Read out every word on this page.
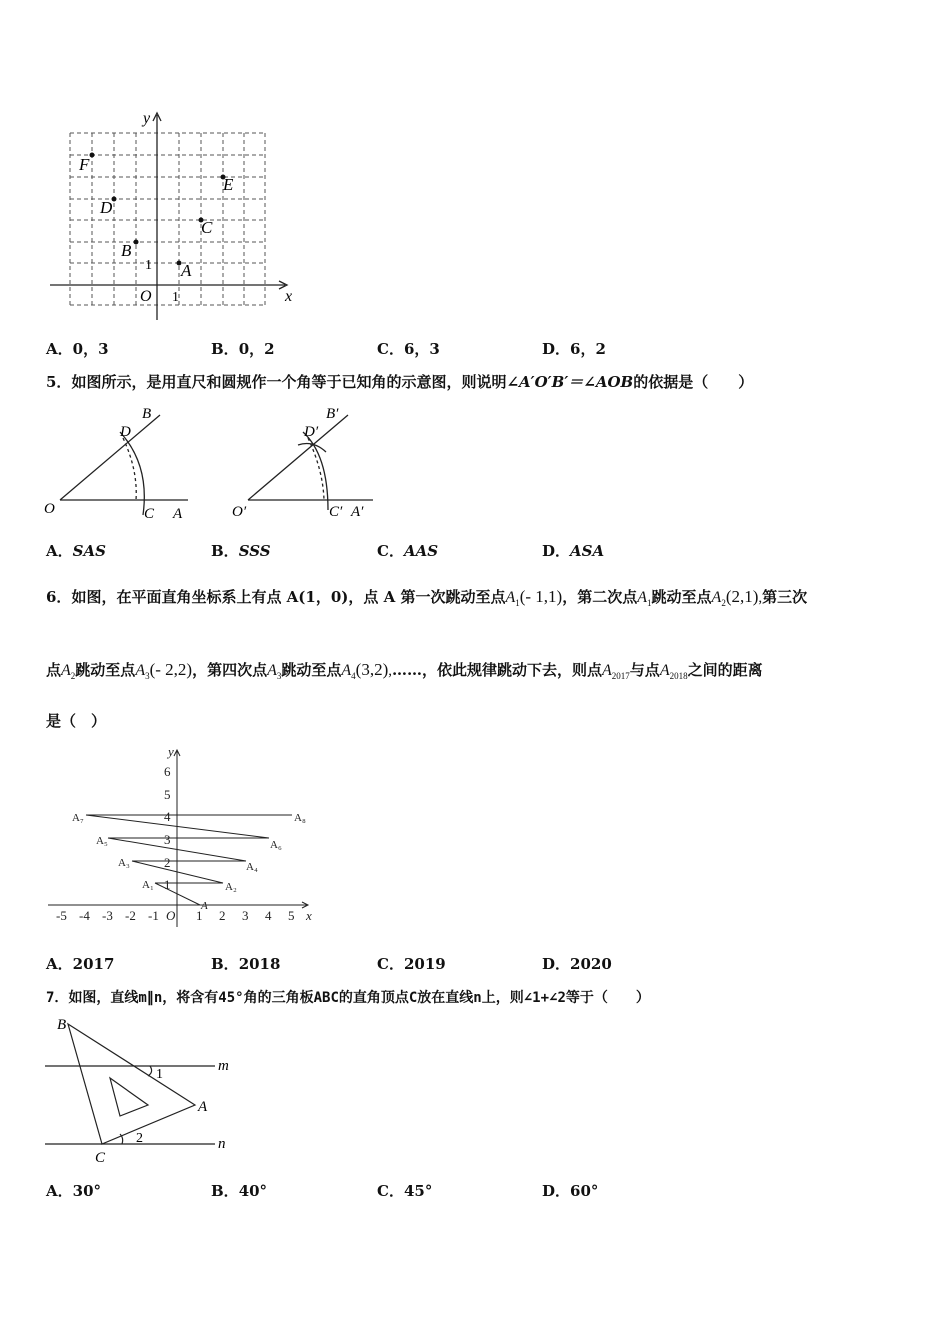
x
y
O 1
1
F
E
D
C
B
A
A．0，3	B．0，2	C．6，3	D．6，2
5．如图所示，是用直尺和圆规作一个角等于已知角的示意图，则说明∠A′O′B′＝∠AOB的依据是（　　）
O	A
B
C
D
O′	A′
B′
C′
D′
A．SAS	B．SSS	C．AAS	D．ASA
6．如图，在平面直角坐标系上有点 A(1，0)，点 A 第一次跳动至点$A_1(-$ 1,1)，第二次点$A_1$跳动至点$A_2(2,1)$,第三次
点$A_2$跳动至点$A_3(-$ 2,2)，第四次点$A_3$跳动至点$A_4(3,2),\dots\dots$，依此规律跳动下去，则点$A_{2017}$与点$A_{2018}$之间的距离
是（　）
y
6
5
4
3
2
1
-5 -4 -3 -2 -1 O 1 2 3 4 5 x
A
A₇	A₈
A₅	A₆
A₃	A₄
A₁	A₂
A．2017	B．2018	C．2019	D．2020
7．如图，直线m∥n，将含有45°角的三角板ABC的直角顶点C放在直线n上，则∠1+∠2等于（　　）
B
A
C
m
n
1
2
A．30°	B．40°	C．45°	D．60°
